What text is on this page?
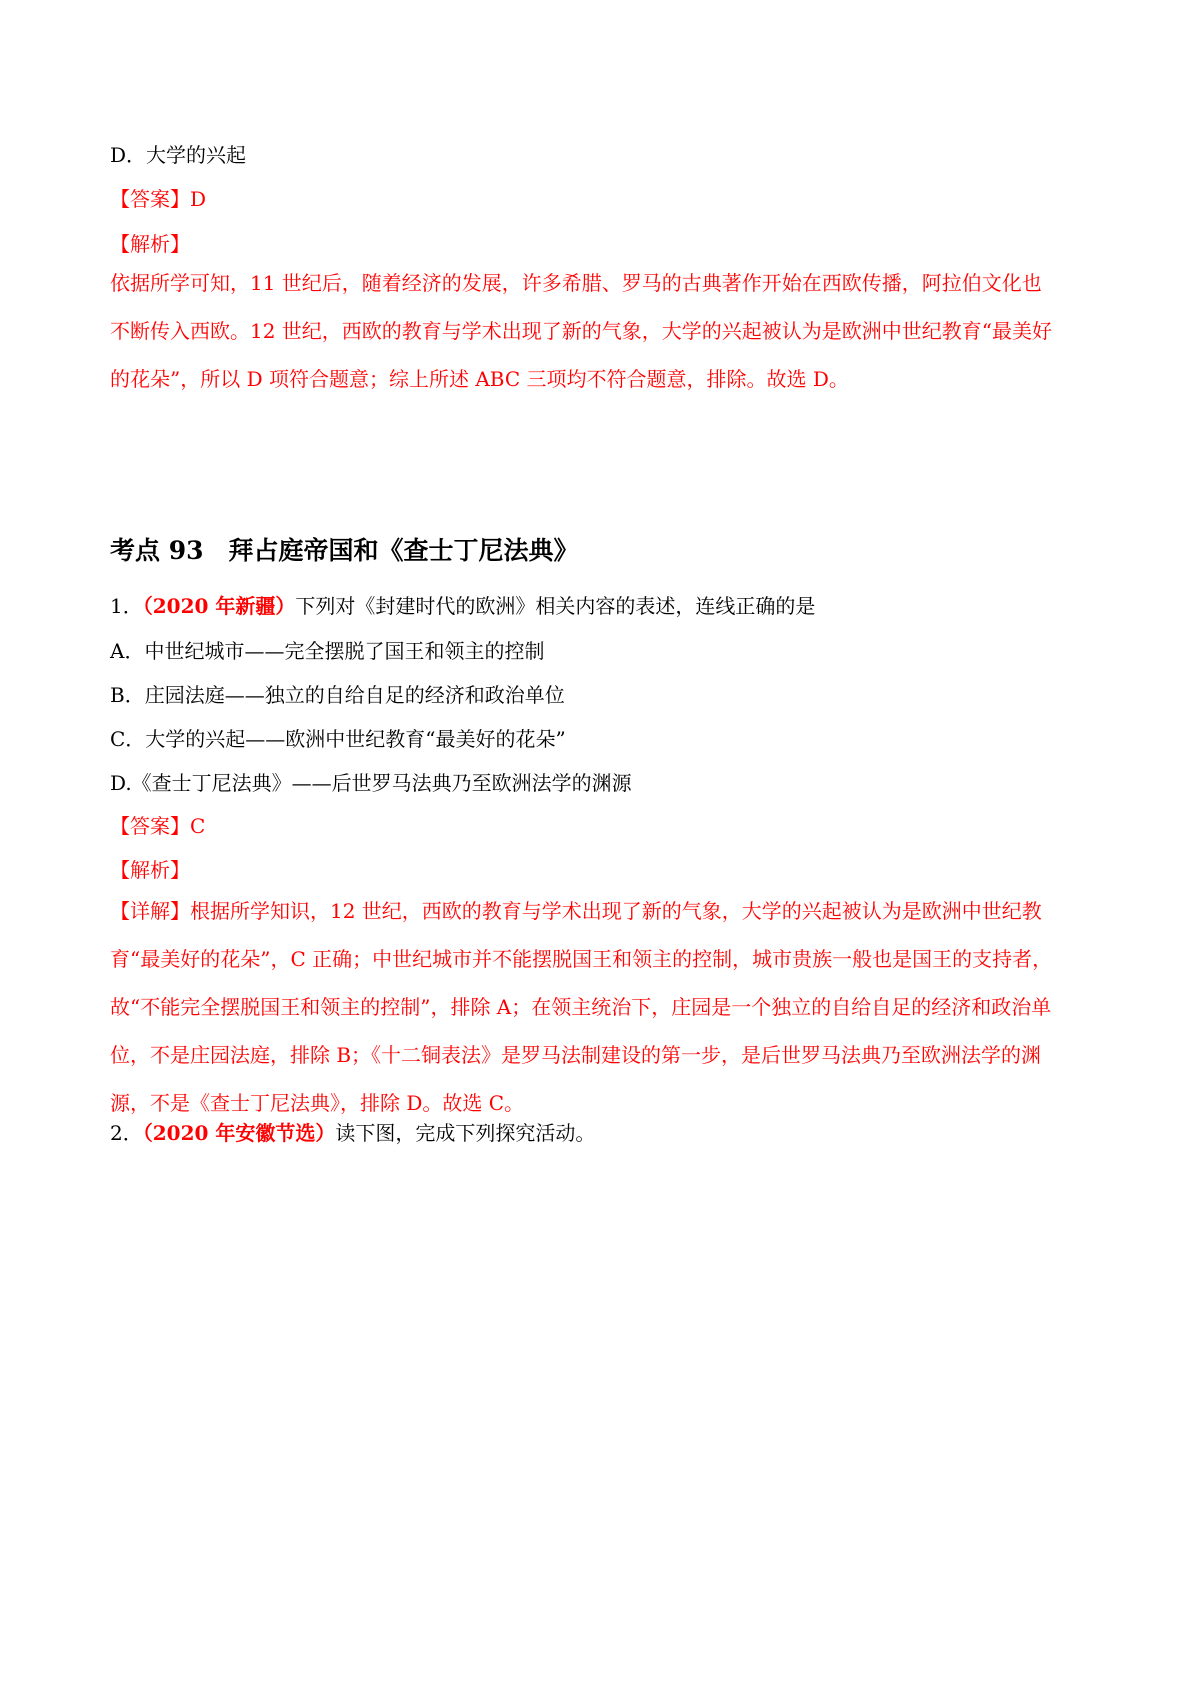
D．大学的兴起
【答案】D
【解析】
依据所学可知，11 世纪后，随着经济的发展，许多希腊、罗马的古典著作开始在西欧传播，阿拉伯文化也
不断传入西欧。12 世纪，西欧的教育与学术出现了新的气象，大学的兴起被认为是欧洲中世纪教育“最美好
的花朵”，所以 D 项符合题意；综上所述 ABC 三项均不符合题意，排除。故选 D。
考点 93　拜占庭帝国和《查士丁尼法典》
1．（2020 年新疆）下列对《封建时代的欧洲》相关内容的表述，连线正确的是
A．中世纪城市——完全摆脱了国王和领主的控制
B．庄园法庭——独立的自给自足的经济和政治单位
C．大学的兴起——欧洲中世纪教育“最美好的花朵”
D.《查士丁尼法典》——后世罗马法典乃至欧洲法学的渊源
【答案】C
【解析】
【详解】根据所学知识，12 世纪，西欧的教育与学术出现了新的气象，大学的兴起被认为是欧洲中世纪教
育“最美好的花朵”，C 正确；中世纪城市并不能摆脱国王和领主的控制，城市贵族一般也是国王的支持者，
故“不能完全摆脱国王和领主的控制”，排除 A；在领主统治下，庄园是一个独立的自给自足的经济和政治单
位，不是庄园法庭，排除 B；《十二铜表法》是罗马法制建设的第一步，是后世罗马法典乃至欧洲法学的渊
源，不是《查士丁尼法典》，排除 D。故选 C。
2．（2020 年安徽节选）读下图，完成下列探究活动。
